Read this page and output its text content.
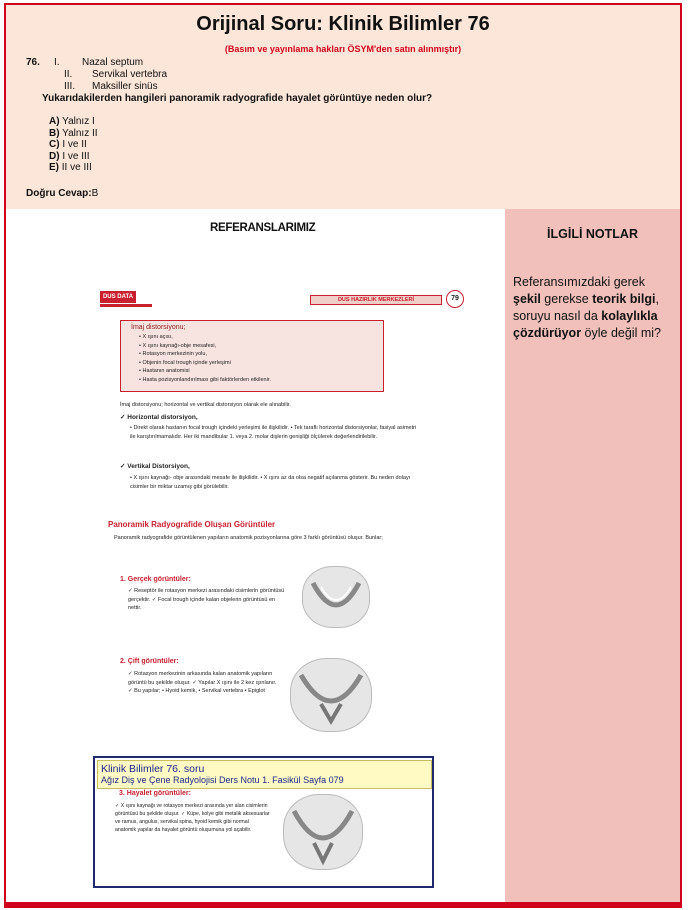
Orijinal Soru: Klinik Bilimler 76
(Basım ve yayınlama hakları ÖSYM'den satın alınmıştır)
76. I. Nazal septum
II. Servikal vertebra
III. Maksiller sinüs
Yukarıdakilerden hangileri panoramik radyografide hayalet görüntüye neden olur?
A) Yalnız I
B) Yalnız II
C) I ve II
D) I ve III
E) II ve III
Doğru Cevap:B
REFERANSLARIMIZ
DUS DATA	DUS HAZIRLIK MERKEZLERİ	79
İmaj distorsiyonu;
• X ışını açısı,
• X ışını kaynağı-obje mesafesi,
• Rotasyon merkezinin yolu,
• Objenin focal trough içinde yerleşimi
• Hastanın anatomisi
• Hasta pozisyonlandırılması gibi faktörlerden etkilenir.
İmaj distorsiyonu; horizontal ve vertikal distorsiyon olarak ele alınabilir.
✓ Horizontal distorsiyon,
• Direkt olarak hastanın focal trough içindeki yerleşimi ile ilişkilidir. • Tek taraflı horizontal distorsiyonlar, fasiyal asimetri ile karıştırılmamalıdır. Her iki mandibular 1. veya 2. molar dişlerin genişliği ölçülerek değerlendirilebilir.
✓ Vertikal Distorsiyon,
• X ışını kaynağı- obje arasındaki mesafe ile ilişkilidir. • X ışını az da olsa negatif açılanma gösterir. Bu neden dolayı cisimler bir miktar uzamış gibi görülebilir.
Panoramik Radyografide Oluşan Görüntüler
Panoramik radyografide görüntülenen yapıların anatomik pozisyonlarına göre 3 farklı görüntüsü oluşur. Bunlar;
1. Gerçek görüntüler:
✓ Reseptör ile rotasyon merkezi arasındaki cisimlerin görüntüsü gerçektir. ✓ Focal trough içinde kalan objelerin görüntüsü en nettir.
2. Çift görüntüler:
✓ Rotasyon merkezinin arkasında kalan anatomik yapıların görüntü bu şekilde oluşur. ✓ Yapılar X ışını ile 2 kez ışınlanır. ✓ Bu yapılar; • Hyoid kemik, • Servikal vertebra • Epiglot
Klinik Bilimler 76. soru
Ağız Diş ve Çene Radyolojisi Ders Notu 1. Fasikül Sayfa 079
3. Hayalet görüntüler:
✓ X ışını kaynağı ve rotasyon merkezi arasında yer alan cisimlerin görüntüsü bu şekilde oluşur. ✓ Küpe, kolye gibi metalik aksesuarlar ve ramus, angulus, servikal spina, hyoid kemik gibi normal anatomik yapılar da hayalet görüntü oluşumuna yol açabilir.
İLGİLİ NOTLAR
Referansımızdaki gerek şekil gerekse teorik bilgi, soruyu nasıl da kolaylıkla çözdürüyor öyle değil mi?
